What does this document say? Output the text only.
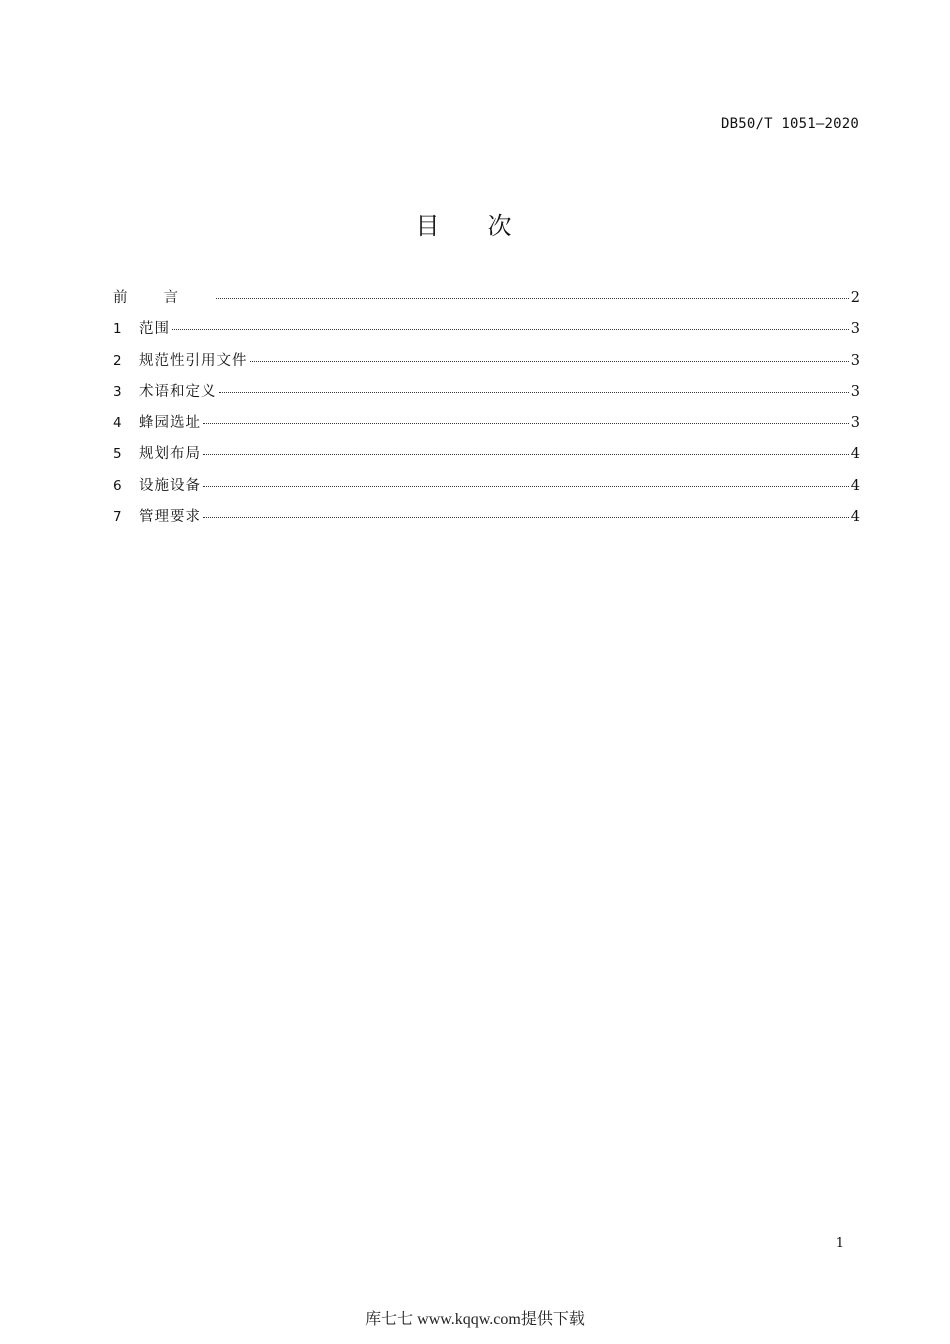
DB50/T 1051—2020
目次
前言	2
1	范围	3
2	规范性引用文件	3
3	术语和定义	3
4	蜂园选址	3
5	规划布局	4
6	设施设备	4
7	管理要求	4
1
库七七 www.kqqw.com提供下载
